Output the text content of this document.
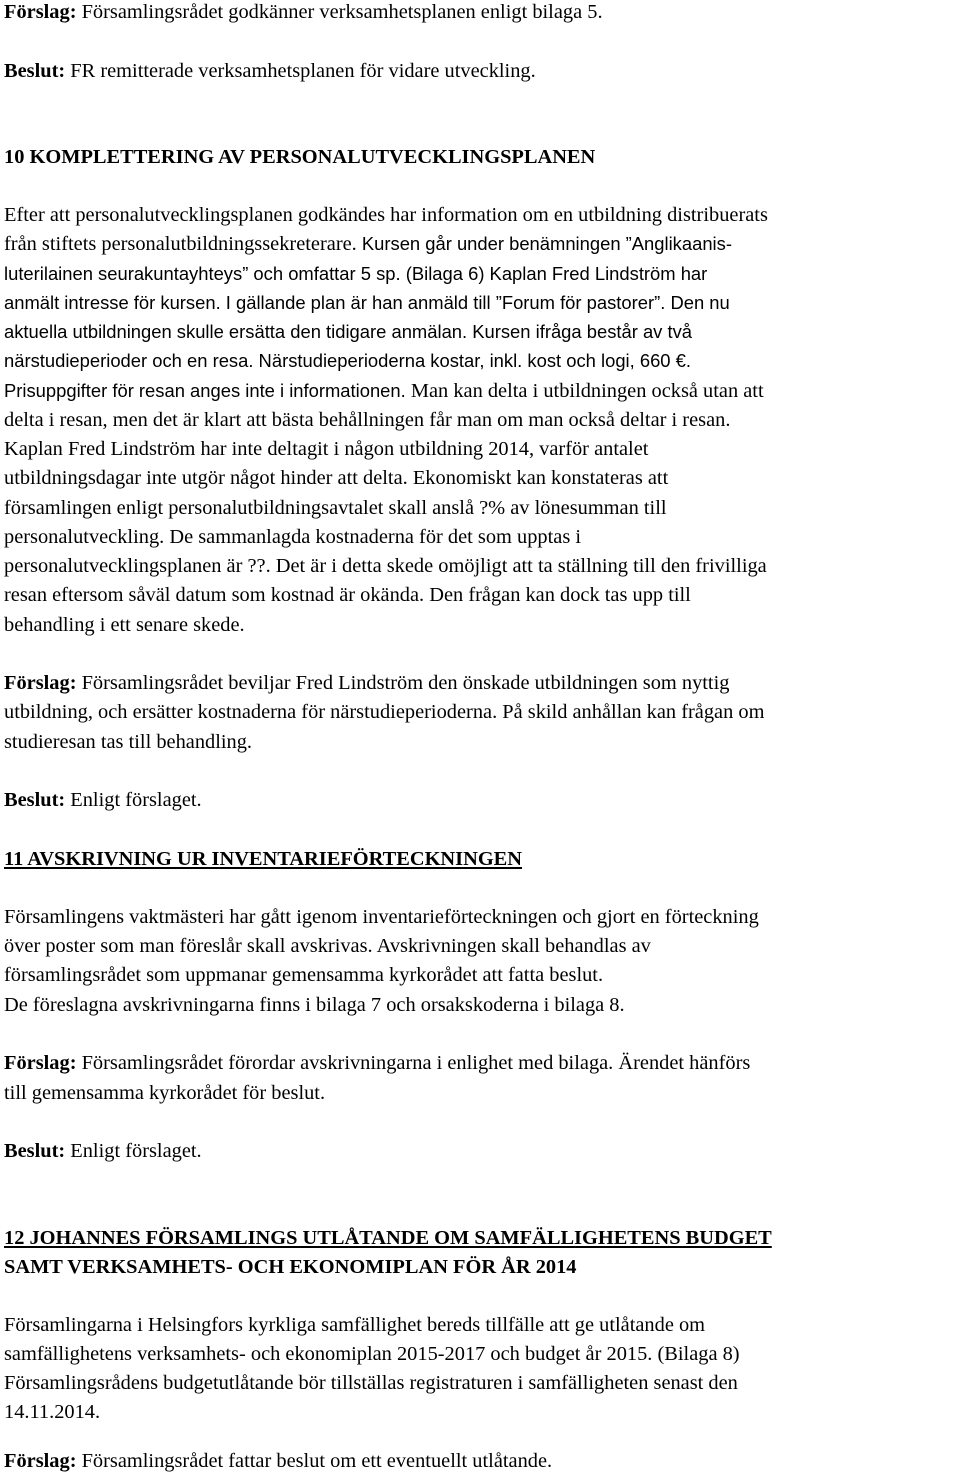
Förslag: Församlingsrådet godkänner verksamhetsplanen enligt bilaga 5.
Beslut: FR remitterade verksamhetsplanen för vidare utveckling.
10 KOMPLETTERING AV PERSONALUTVECKLINGSPLANEN
Efter att personalutvecklingsplanen godkändes har information om en utbildning distribuerats
från stiftets personalutbildningssekreterare. Kursen går under benämningen ”Anglikaanis-
luterilainen seurakuntayhteys” och omfattar 5 sp. (Bilaga 6) Kaplan Fred Lindström har
anmält intresse för kursen. I gällande plan är han anmäld till ”Forum för pastorer”. Den nu
aktuella utbildningen skulle ersätta den tidigare anmälan. Kursen ifråga består av två
närstudieperioder och en resa. Närstudieperioderna kostar, inkl. kost och logi, 660 €.
Prisuppgifter för resan anges inte i informationen. Man kan delta i utbildningen också utan att
delta i resan, men det är klart att bästa behållningen får man om man också deltar i resan.
Kaplan Fred Lindström har inte deltagit i någon utbildning 2014, varför antalet
utbildningsdagar inte utgör något hinder att delta. Ekonomiskt kan konstateras att
församlingen enligt personalutbildningsavtalet skall anslå ?% av lönesumman till
personalutveckling. De sammanlagda kostnaderna för det som upptas i
personalutvecklingsplanen är ??. Det är i detta skede omöjligt att ta ställning till den frivilliga
resan eftersom såväl datum som kostnad är okända. Den frågan kan dock tas upp till
behandling i ett senare skede.
Förslag: Församlingsrådet beviljar Fred Lindström den önskade utbildningen som nyttig
utbildning, och ersätter kostnaderna för närstudieperioderna. På skild anhållan kan frågan om
studieresan tas till behandling.
Beslut: Enligt förslaget.
11 AVSKRIVNING UR INVENTARIEFÖRTECKNINGEN
Församlingens vaktmästeri har gått igenom inventarieförteckningen och gjort en förteckning
över poster som man föreslår skall avskrivas. Avskrivningen skall behandlas av
församlingsrådet som uppmanar gemensamma kyrkorådet att fatta beslut.
De föreslagna avskrivningarna finns i bilaga 7 och orsakskoderna i bilaga 8.
Förslag: Församlingsrådet förordar avskrivningarna i enlighet med bilaga. Ärendet hänförs
till gemensamma kyrkorådet för beslut.
Beslut: Enligt förslaget.
12 JOHANNES FÖRSAMLINGS UTLÅTANDE OM SAMFÄLLIGHETENS BUDGET
SAMT VERKSAMHETS- OCH EKONOMIPLAN FÖR ÅR 2014
Församlingarna i Helsingfors kyrkliga samfällighet bereds tillfälle att ge utlåtande om
samfällighetens verksamhets- och ekonomiplan 2015-2017 och budget år 2015. (Bilaga 8)
Församlingsrådens budgetutlåtande bör tillställas registraturen i samfälligheten senast den
14.11.2014.
Förslag: Församlingsrådet fattar beslut om ett eventuellt utlåtande.
